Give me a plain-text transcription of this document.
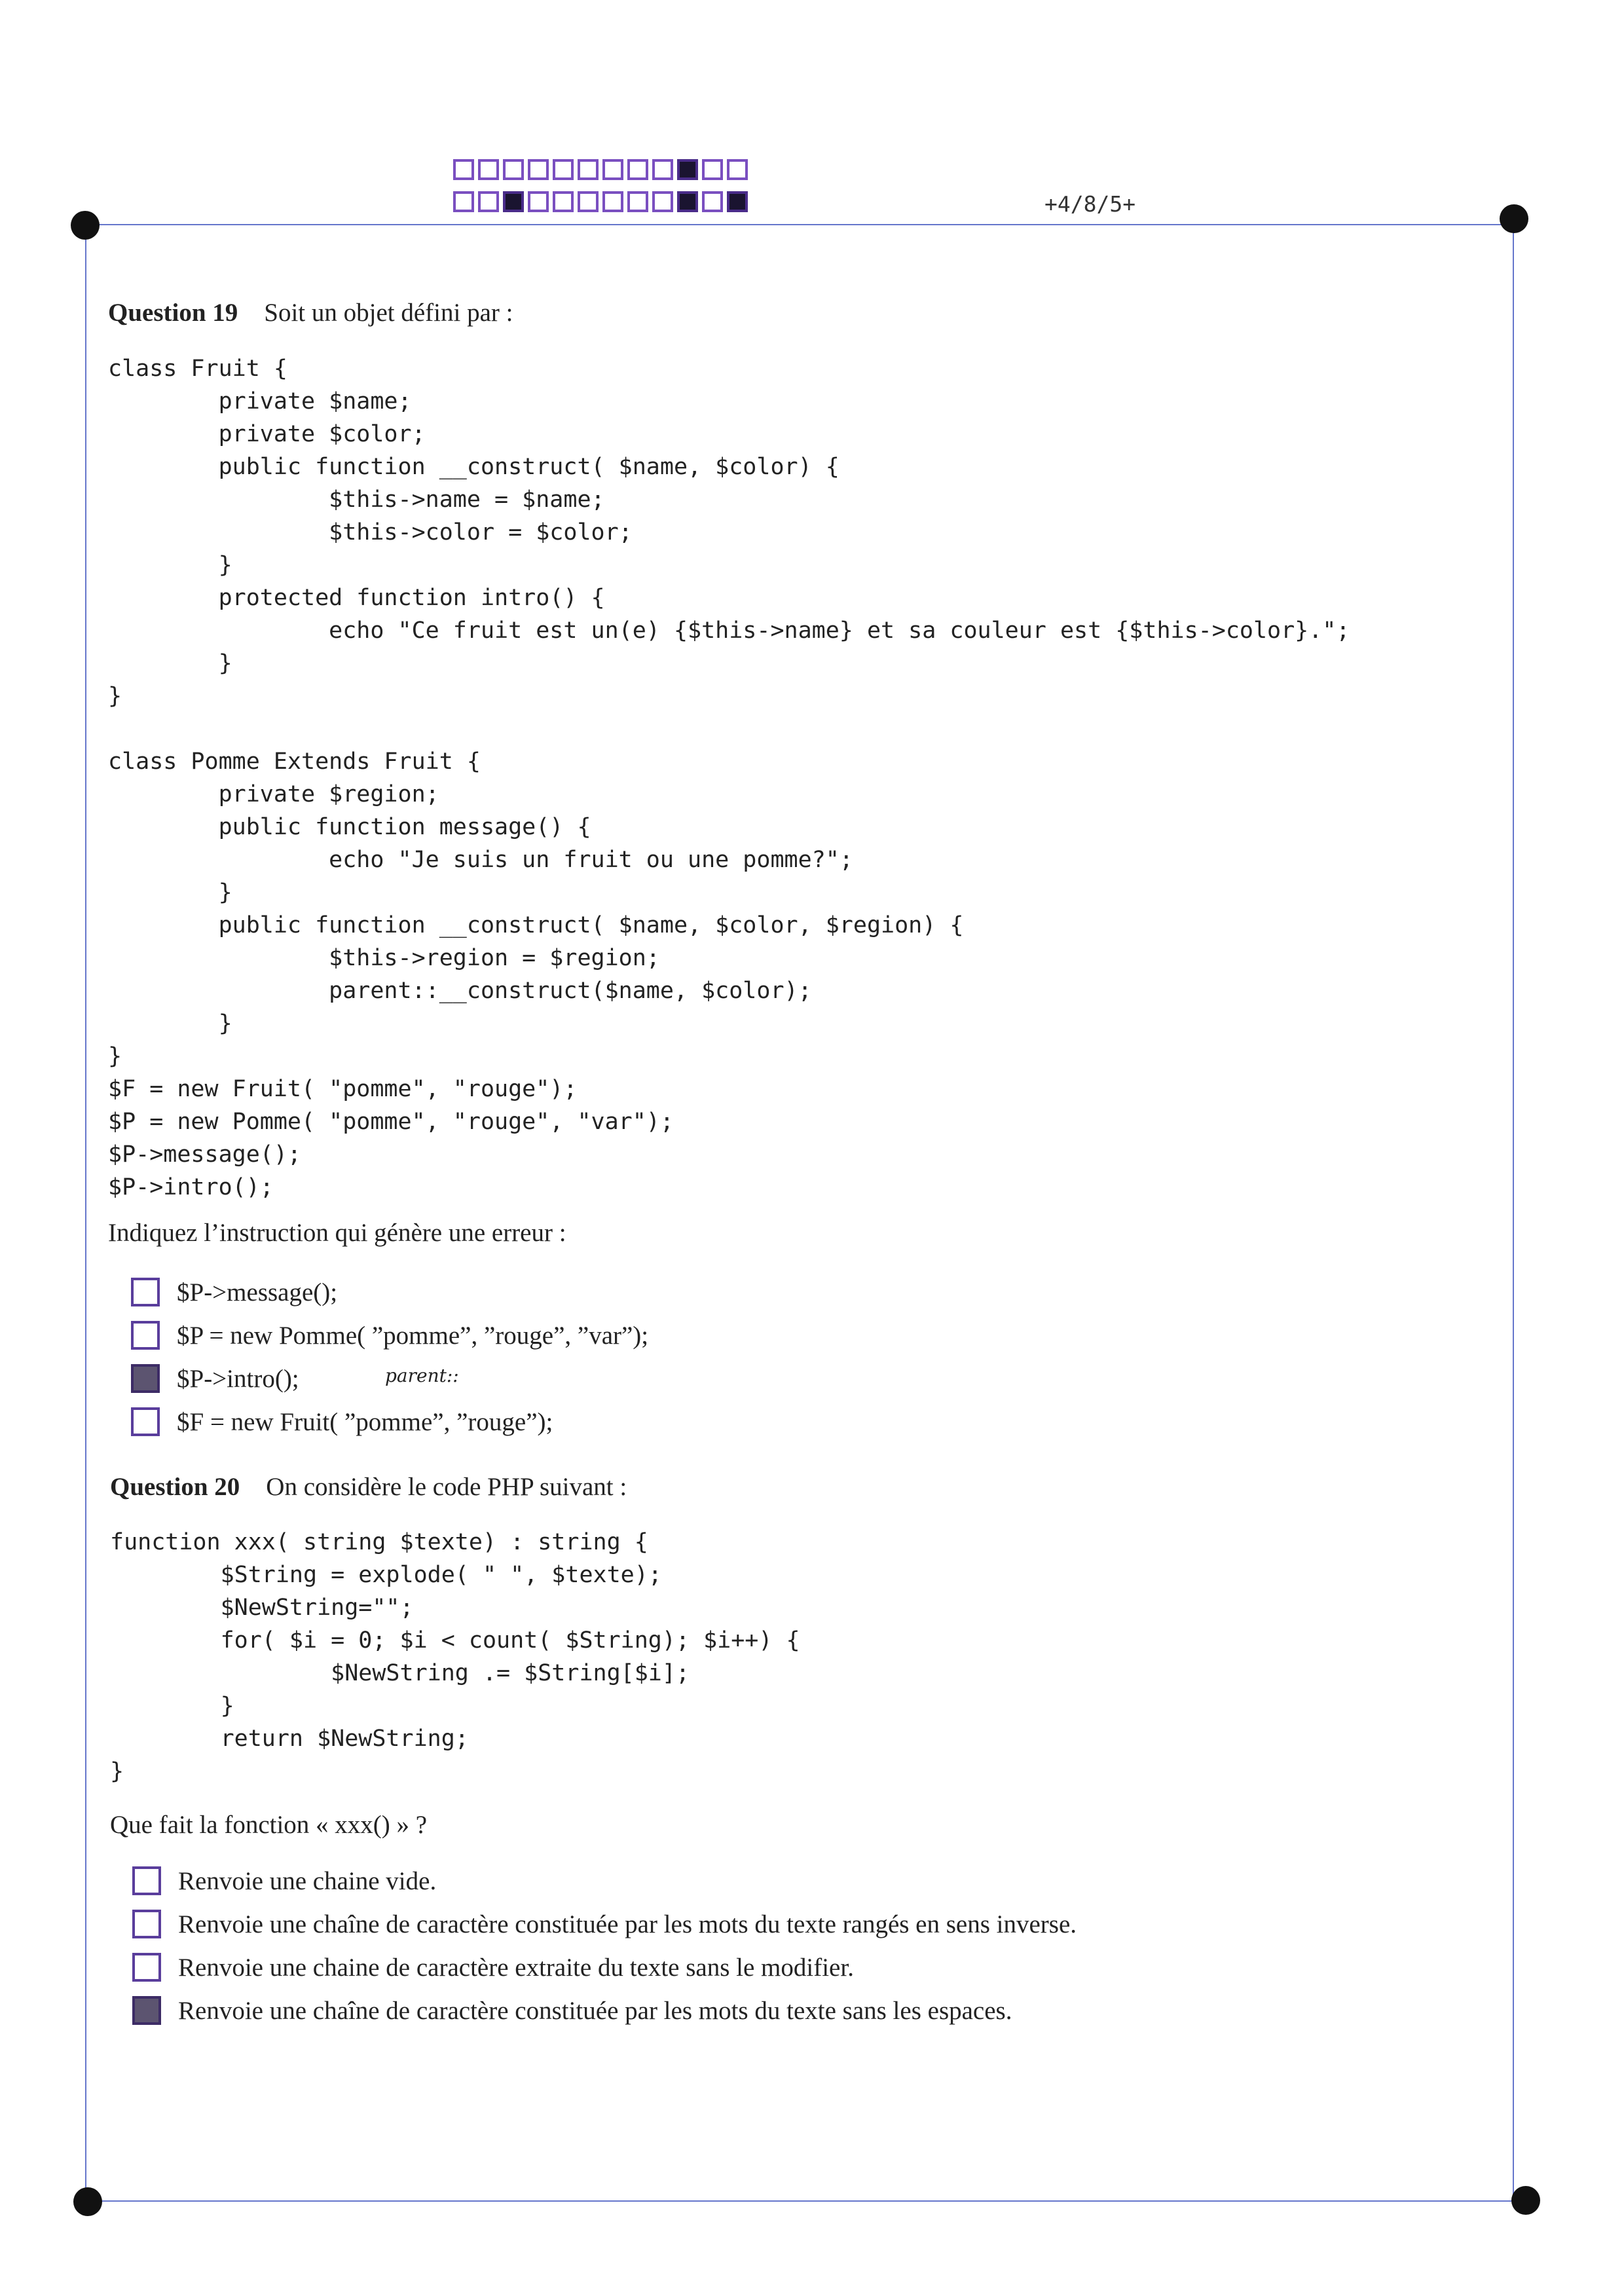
+4/8/5+
Question 19 Soit un objet défini par :
class Fruit {
private $name;
private $color;
public function __construct( $name, $color) {
$this->name = $name;
$this->color = $color;
}
protected function intro() {
echo "Ce fruit est un(e) {$this->name} et sa couleur est {$this->color}.";
}
}
class Pomme Extends Fruit {
private $region;
public function message() {
echo "Je suis un fruit ou une pomme?";
}
public function __construct( $name, $color, $region) {
$this->region = $region;
parent::__construct($name, $color);
}
}
$F = new Fruit( "pomme", "rouge");
$P = new Pomme( "pomme", "rouge", "var");
$P->message();
$P->intro();
Indiquez l’instruction qui génère une erreur :
$P->message();
$P = new Pomme( ”pomme”, ”rouge”, ”var”);
$P->intro();
$F = new Fruit( ”pomme”, ”rouge”);
parent::
Question 20 On considère le code PHP suivant :
function xxx( string $texte) : string {
$String = explode( " ", $texte);
$NewString="";
for( $i = 0; $i < count( $String); $i++) {
$NewString .= $String[$i];
}
return $NewString;
}
Que fait la fonction « xxx() » ?
Renvoie une chaine vide.
Renvoie une chaîne de caractère constituée par les mots du texte rangés en sens inverse.
Renvoie une chaine de caractère extraite du texte sans le modifier.
Renvoie une chaîne de caractère constituée par les mots du texte sans les espaces.
